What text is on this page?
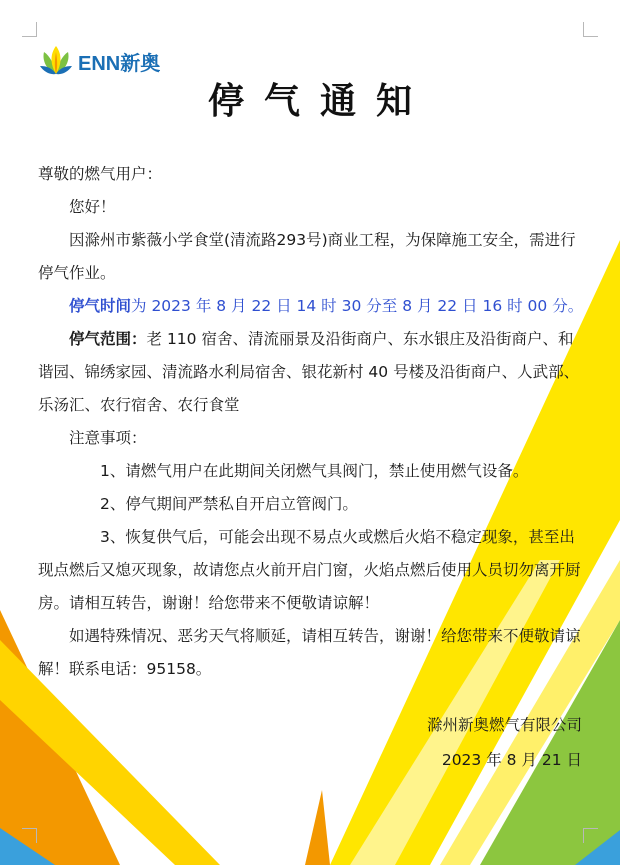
ENN新奥
停气通知

尊敬的燃气用户：

您好！

因滁州市紫薇小学食堂(清流路293号)商业工程，为保障施工安全，需进行停气作业。

停气时间为 2023 年 8 月 22 日 14 时 30 分至 8 月 22 日 16 时 00 分。

停气范围：老 110 宿舍、清流丽景及沿街商户、东水银庄及沿街商户、和谐园、锦绣家园、清流路水利局宿舍、银花新村 40 号楼及沿街商户、人武部、乐汤汇、农行宿舍、农行食堂

注意事项：

1、请燃气用户在此期间关闭燃气具阀门，禁止使用燃气设备。

2、停气期间严禁私自开启立管阀门。

3、恢复供气后，可能会出现不易点火或燃后火焰不稳定现象，甚至出现点燃后又熄灭现象，故请您点火前开启门窗，火焰点燃后使用人员切勿离开厨房。请相互转告，谢谢！给您带来不便敬请谅解！

如遇特殊情况、恶劣天气将顺延，请相互转告，谢谢！给您带来不便敬请谅解！联系电话：95158。

滁州新奥燃气有限公司
2023 年 8 月 21 日
